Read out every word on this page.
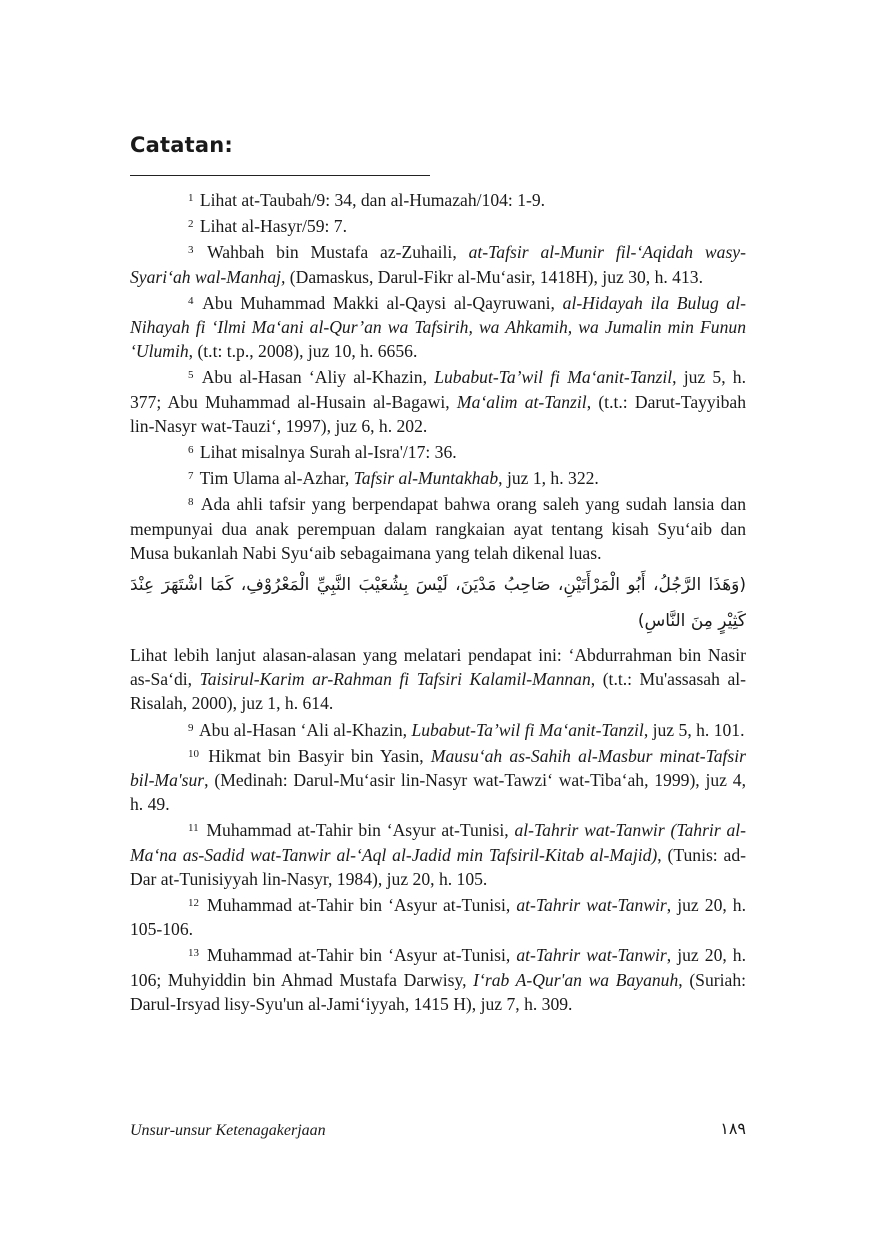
Catatan:

$^1$ Lihat at-Taubah/9: 34, dan al-Humazah/104: 1-9.

$^2$ Lihat al-Hasyr/59: 7.

$^3$ Wahbah bin Mustafa az-Zuhaili, at-Tafsir al-Munir fil-‘Aqidah wasy-Syari‘ah wal-Manhaj, (Damaskus, Darul-Fikr al-Mu‘asir, 1418H), juz 30, h. 413.

$^4$ Abu Muhammad Makki al-Qaysi al-Qayruwani, al-Hidayah ila Bulug al-Nihayah fi ‘Ilmi Ma‘ani al-Qur’an wa Tafsirih, wa Ahkamih, wa Jumalin min Funun ‘Ulumih, (t.t: t.p., 2008), juz 10, h. 6656.

$^5$ Abu al-Hasan ‘Aliy al-Khazin, Lubabut-Ta’wil fi Ma‘anit-Tanzil, juz 5, h. 377; Abu Muhammad al-Husain al-Bagawi, Ma‘alim at-Tanzil, (t.t.: Darut-Tayyibah lin-Nasyr wat-Tauzi‘, 1997), juz 6, h. 202.

$^6$ Lihat misalnya Surah al-Isra'/17: 36.

$^7$ Tim Ulama al-Azhar, Tafsir al-Muntakhab, juz 1, h. 322.

$^8$ Ada ahli tafsir yang berpendapat bahwa orang saleh yang sudah lansia dan mempunyai dua anak perempuan dalam rangkaian ayat tentang kisah Syu‘aib dan Musa bukanlah Nabi Syu‘aib sebagaimana yang telah dikenal luas.

(وَهَذَا الرَّجُلُ، أَبُو الْمَرْأَتَيْنِ، صَاحِبُ مَدْيَنَ، لَيْسَ بِشُعَيْبَ النَّبِيِّ الْمَعْرُوْفِ، كَمَا اشْتَهَرَ عِنْدَ كَثِيْرٍ مِنَ النَّاسِ)

Lihat lebih lanjut alasan-alasan yang melatari pendapat ini: ‘Abdurrahman bin Nasir as-Sa‘di, Taisirul-Karim ar-Rahman fi Tafsiri Kalamil-Mannan, (t.t.: Mu'assasah al-Risalah, 2000), juz 1, h. 614.

$^9$ Abu al-Hasan ‘Ali al-Khazin, Lubabut-Ta’wil fi Ma‘anit-Tanzil, juz 5, h. 101.

$^{10}$ Hikmat bin Basyir bin Yasin, Mausu‘ah as-Sahih al-Masbur minat-Tafsir bil-Ma'sur, (Medinah: Darul-Mu‘asir lin-Nasyr wat-Tawzi‘ wat-Tiba‘ah, 1999), juz 4, h. 49.

$^{11}$ Muhammad at-Tahir bin ‘Asyur at-Tunisi, al-Tahrir wat-Tanwir (Tahrir al-Ma‘na as-Sadid wat-Tanwir al-‘Aql al-Jadid min Tafsiril-Kitab al-Majid), (Tunis: ad-Dar at-Tunisiyyah lin-Nasyr, 1984), juz 20, h. 105.

$^{12}$ Muhammad at-Tahir bin ‘Asyur at-Tunisi, at-Tahrir wat-Tanwir, juz 20, h. 105-106.

$^{13}$ Muhammad at-Tahir bin ‘Asyur at-Tunisi, at-Tahrir wat-Tanwir, juz 20, h. 106; Muhyiddin bin Ahmad Mustafa Darwisy, I‘rab A-Qur'an wa Bayanuh, (Suriah: Darul-Irsyad lisy-Syu'un al-Jami‘iyyah, 1415 H), juz 7, h. 309.

Unsur-unsur Ketenagakerjaan	١٨٩
